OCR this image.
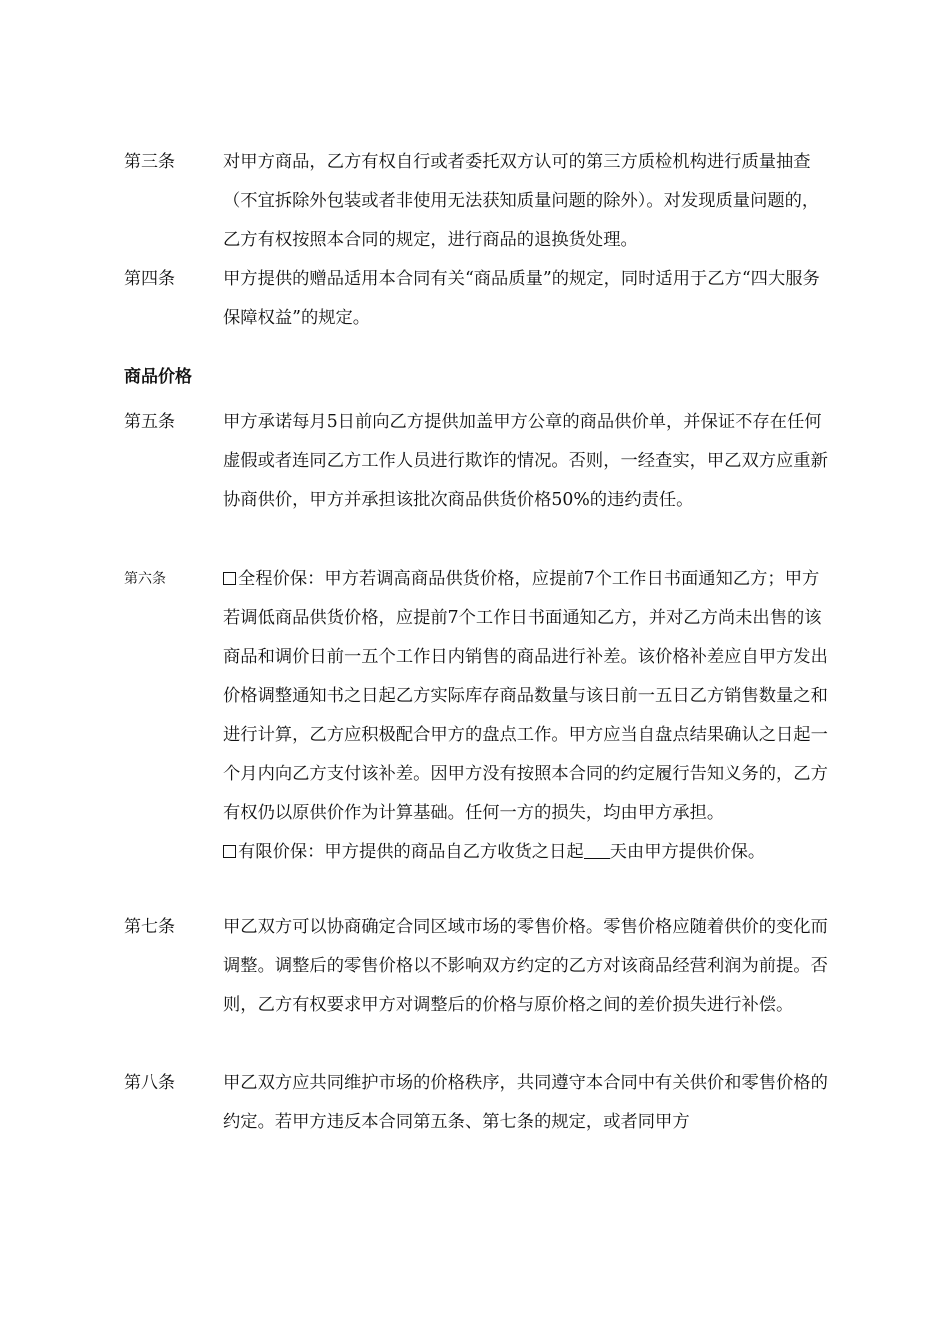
第三条	对甲方商品，乙方有权自行或者委托双方认可的第三方质检机构进行质量抽查（不宜拆除外包装或者非使用无法获知质量问题的除外）。对发现质量问题的，乙方有权按照本合同的规定，进行商品的退换货处理。

第四条	甲方提供的赠品适用本合同有关“商品质量”的规定，同时适用于乙方“四大服务保障权益”的规定。

商品价格
第五条	甲方承诺每月5日前向乙方提供加盖甲方公章的商品供价单，并保证不存在任何虚假或者连同乙方工作人员进行欺诈的情况。否则，一经查实，甲乙双方应重新协商供价，甲方并承担该批次商品供货价格50%的违约责任。

第六条	全程价保：甲方若调高商品供货价格，应提前7个工作日书面通知乙方；甲方若调低商品供货价格，应提前7个工作日书面通知乙方，并对乙方尚未出售的该商品和调价日前一五个工作日内销售的商品进行补差。该价格补差应自甲方发出价格调整通知书之日起乙方实际库存商品数量与该日前一五日乙方销售数量之和进行计算，乙方应积极配合甲方的盘点工作。甲方应当自盘点结果确认之日起一个月内向乙方支付该补差。因甲方没有按照本合同的约定履行告知义务的，乙方有权仍以原供价作为计算基础。任何一方的损失，均由甲方承担。

有限价保：甲方提供的商品自乙方收货之日起 天由甲方提供价保。

第七条	甲乙双方可以协商确定合同区域市场的零售价格。零售价格应随着供价的变化而调整。调整后的零售价格以不影响双方约定的乙方对该商品经营利润为前提。否则，乙方有权要求甲方对调整后的价格与原价格之间的差价损失进行补偿。

第八条	甲乙双方应共同维护市场的价格秩序，共同遵守本合同中有关供价和零售价格的约定。若甲方违反本合同第五条、第七条的规定，或者同甲方
